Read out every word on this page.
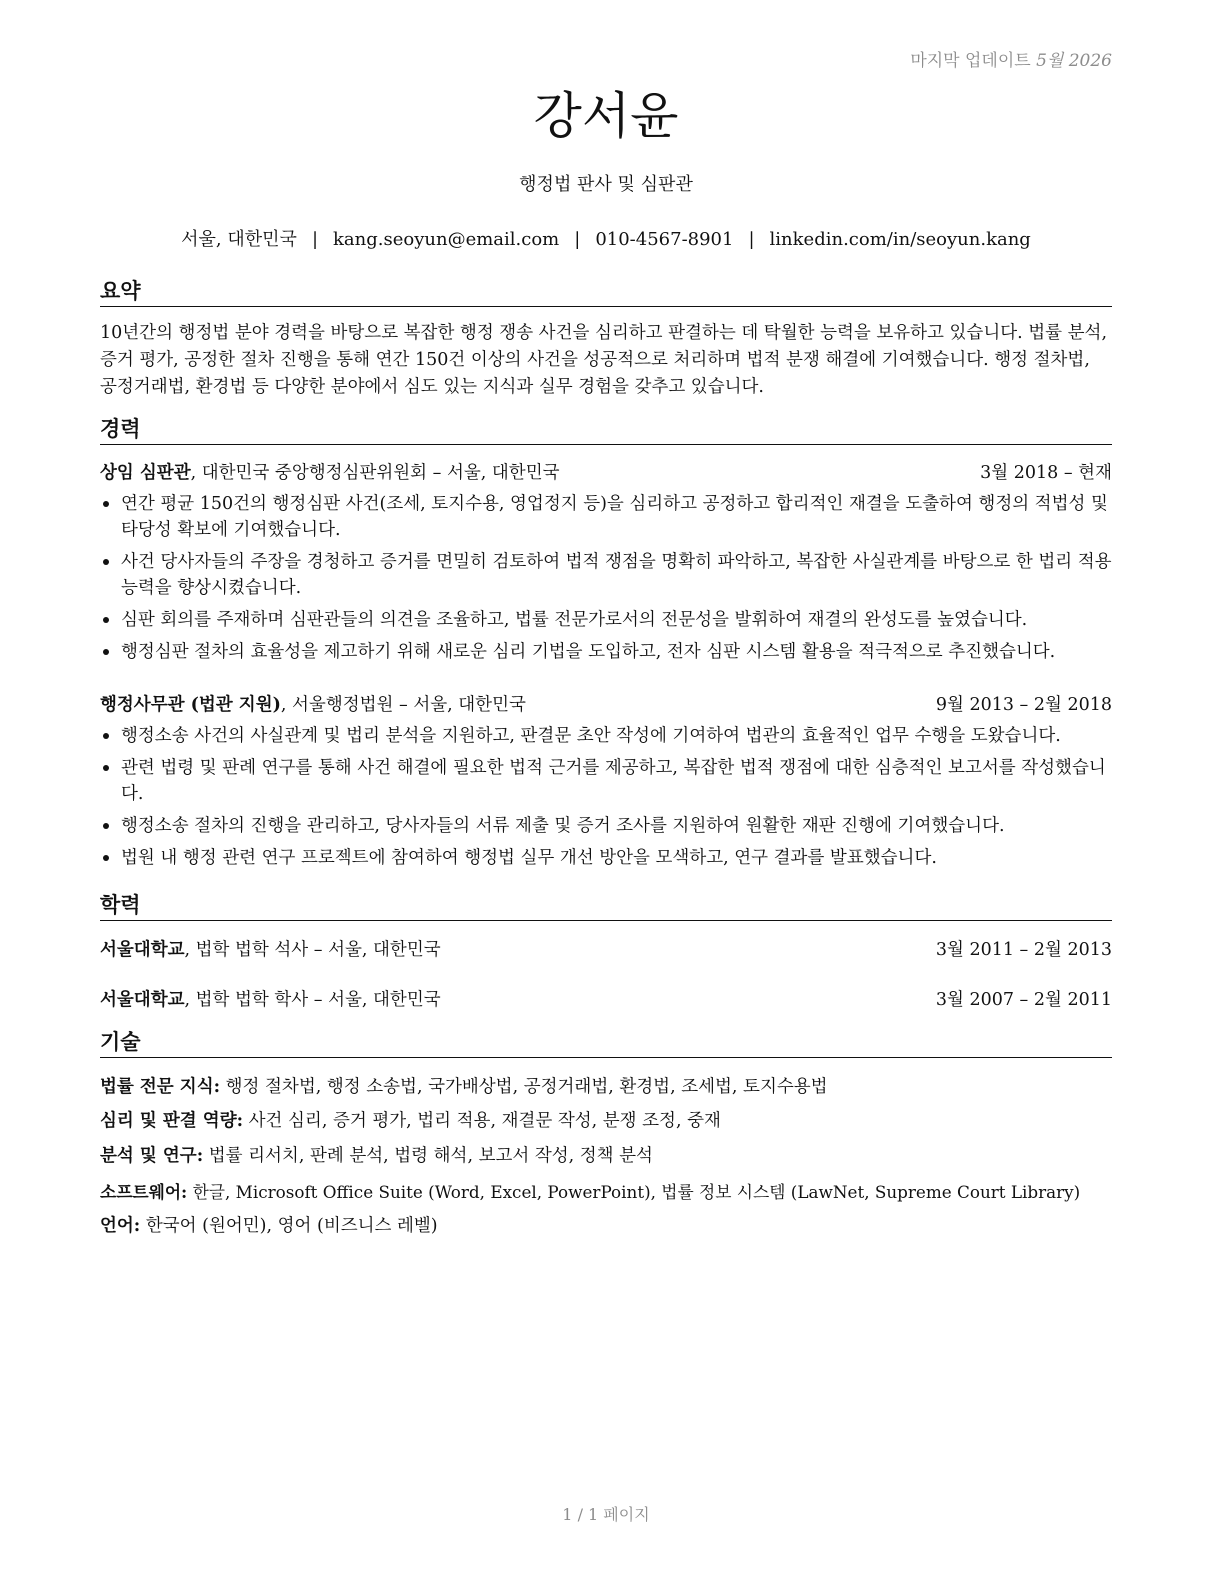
마지막 업데이트 5월 2026
강서윤
행정법 판사 및 심판관
서울, 대한민국 | kang.seoyun@email.com | 010-4567-8901 | linkedin.com/in/seoyun.kang
요약
10년간의 행정법 분야 경력을 바탕으로 복잡한 행정 쟁송 사건을 심리하고 판결하는 데 탁월한 능력을 보유하고 있습니다. 법률 분석, 증거 평가, 공정한 절차 진행을 통해 연간 150건 이상의 사건을 성공적으로 처리하며 법적 분쟁 해결에 기여했습니다. 행정 절차법, 공정거래법, 환경법 등 다양한 분야에서 심도 있는 지식과 실무 경험을 갖추고 있습니다.
경력
상임 심판관, 대한민국 중앙행정심판위원회 – 서울, 대한민국	3월 2018 – 현재
연간 평균 150건의 행정심판 사건(조세, 토지수용, 영업정지 등)을 심리하고 공정하고 합리적인 재결을 도출하여 행정의 적법성 및 타당성 확보에 기여했습니다.
사건 당사자들의 주장을 경청하고 증거를 면밀히 검토하여 법적 쟁점을 명확히 파악하고, 복잡한 사실관계를 바탕으로 한 법리 적용 능력을 향상시켰습니다.
심판 회의를 주재하며 심판관들의 의견을 조율하고, 법률 전문가로서의 전문성을 발휘하여 재결의 완성도를 높였습니다.
행정심판 절차의 효율성을 제고하기 위해 새로운 심리 기법을 도입하고, 전자 심판 시스템 활용을 적극적으로 추진했습니다.
행정사무관 (법관 지원), 서울행정법원 – 서울, 대한민국	9월 2013 – 2월 2018
행정소송 사건의 사실관계 및 법리 분석을 지원하고, 판결문 초안 작성에 기여하여 법관의 효율적인 업무 수행을 도왔습니다.
관련 법령 및 판례 연구를 통해 사건 해결에 필요한 법적 근거를 제공하고, 복잡한 법적 쟁점에 대한 심층적인 보고서를 작성했습니다.
행정소송 절차의 진행을 관리하고, 당사자들의 서류 제출 및 증거 조사를 지원하여 원활한 재판 진행에 기여했습니다.
법원 내 행정 관련 연구 프로젝트에 참여하여 행정법 실무 개선 방안을 모색하고, 연구 결과를 발표했습니다.
학력
서울대학교, 법학 법학 석사 – 서울, 대한민국	3월 2011 – 2월 2013
서울대학교, 법학 법학 학사 – 서울, 대한민국	3월 2007 – 2월 2011
기술
법률 전문 지식: 행정 절차법, 행정 소송법, 국가배상법, 공정거래법, 환경법, 조세법, 토지수용법
심리 및 판결 역량: 사건 심리, 증거 평가, 법리 적용, 재결문 작성, 분쟁 조정, 중재
분석 및 연구: 법률 리서치, 판례 분석, 법령 해석, 보고서 작성, 정책 분석
소프트웨어: 한글, Microsoft Office Suite (Word, Excel, PowerPoint), 법률 정보 시스템 (LawNet, Supreme Court Library)
언어: 한국어 (원어민), 영어 (비즈니스 레벨)
1 / 1 페이지
